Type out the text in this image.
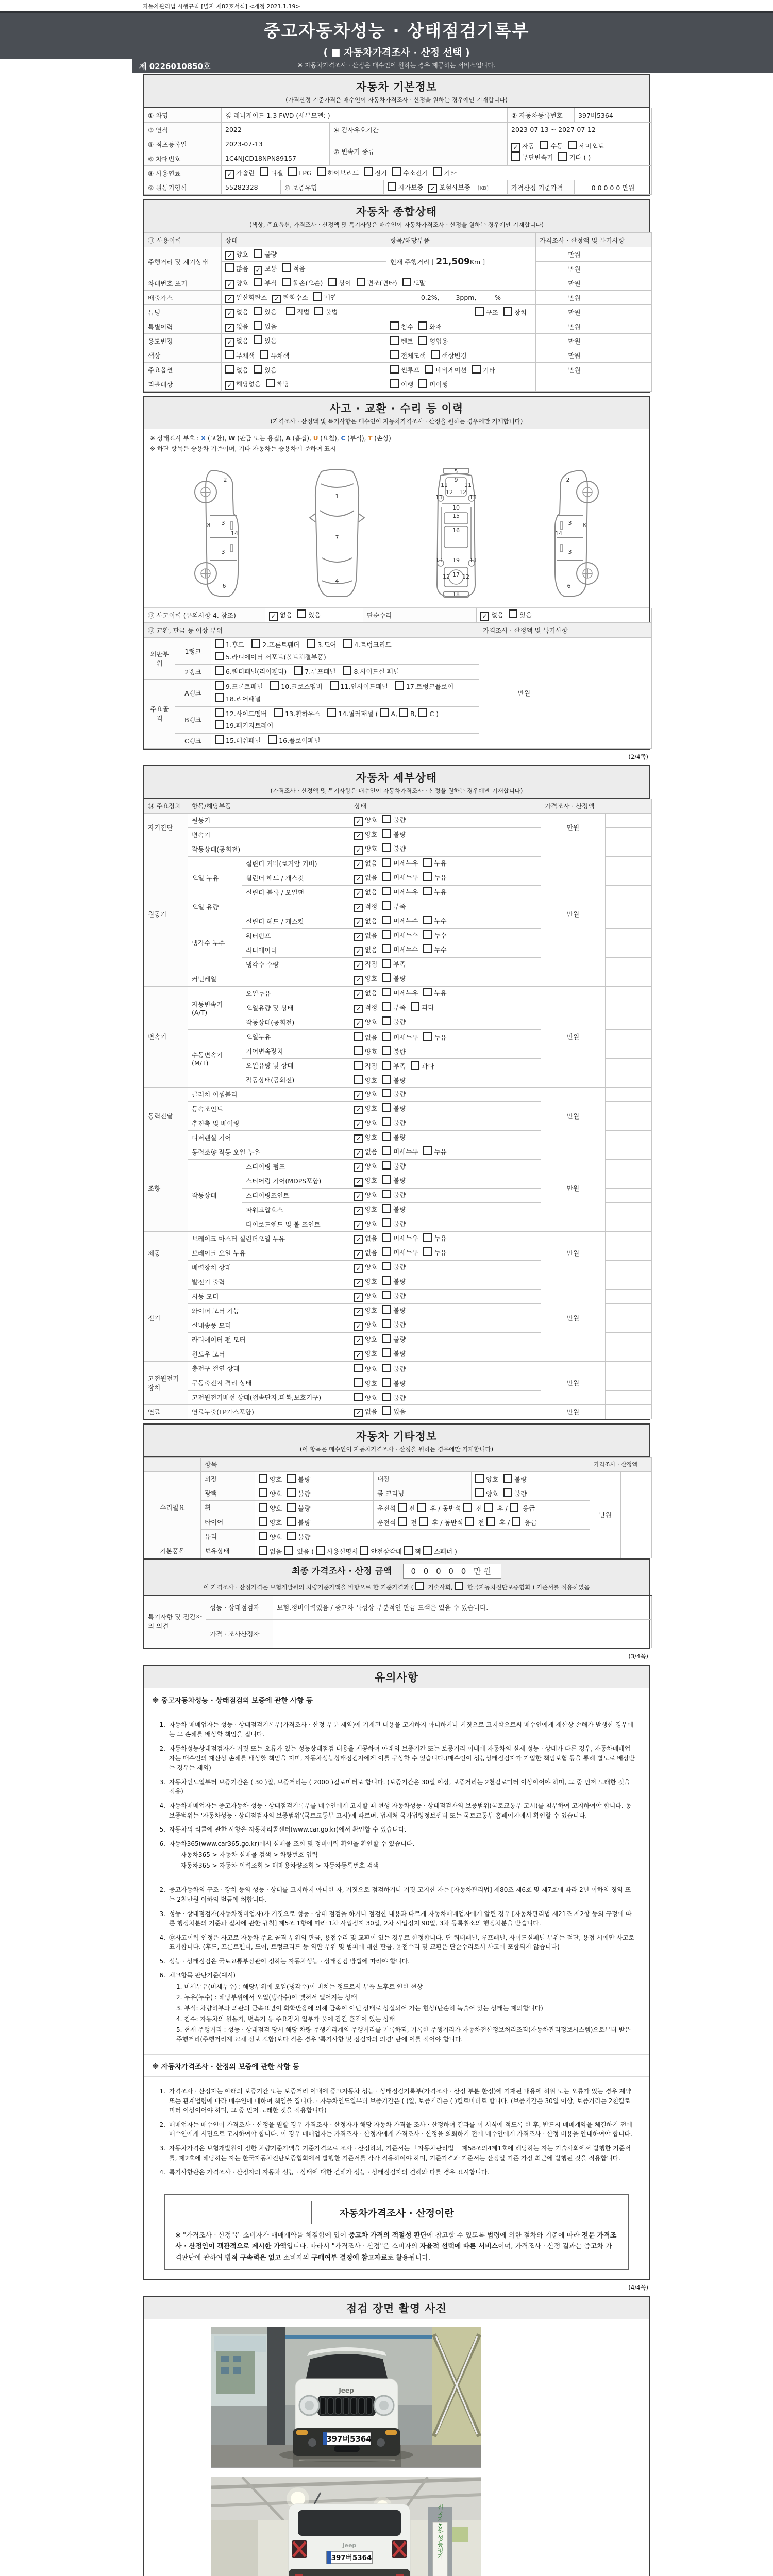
자동차관리법 시행규칙 [별지 제82호서식] <개정 2021.1.19>
중고자동차성능 · 상태점검기록부
( ■ 자동차가격조사 · 산정 선택 )
※ 자동차가격조사 · 산정은 매수인이 원하는 경우 제공하는 서비스입니다.
제 0226010850호
자동차 기본정보
(가격산정 기준가격은 매수인이 자동차가격조사 · 산정을 원하는 경우에만 기재합니다)
① 차명	짚 레니게이드 1.3 FWD (세부모델: )				② 자동차등록번호	397버5364
③ 연식	2022		④ 검사유효기간		2023-07-13 ~ 2027-07-12	
⑤ 최초등록일	2023-07-13		⑦ 변속기 종류		✓ 자동 수동 세미오토무단변속기 기타 ( )	
⑥ 차대번호	1C4NJCD18NPN89157					
⑧ 사용연료	✓ 가솔린 디젤 LPG 하이브리드 전기 수소전기 기타					
⑨ 원동기형식	55282328	⑩ 보증유형		자가보증 ✓ 보험사보증 [KB]	가격산정 기준가격	0 0 0 0 0 만원
자동차 종합상태
(색상, 주요옵션, 가격조사 · 산정액 및 특기사항은 매수인이 자동차가격조사 · 산정을 원하는 경우에만 기재합니다)
⑪ 사용이력	상태	항목/해당부품	가격조사 · 산정액 및 특기사항	
주행거리 및 계기상태	✓ 양호 불량	현재 주행거리 [ 21,509Km ]	만원	
	많음 ✓ 보통 적음		만원	
차대번호 표기	✓ 양호 부식 훼손(오손) 상이 변조(변타) 도말		만원	
배출가스	✓ 일산화탄소 ✓ 탄화수소 매연	0.2%,        3ppm,         %	만원	
튜닝	✓ 없음 있음 적법 불법 구조 장치		만원	
특별이력	✓ 없음 있음	침수 화재	만원	
용도변경	✓ 없음 있음	렌트 영업용	만원	
색상	무채색 유채색	전체도색 색상변경	만원	
주요옵션	없음 있음	썬루프 네비게이션 기타	만원	
리콜대상	✓ 해당없음 해당	이행 미이행		
사고 · 교환 · 수리 등 이력
(가격조사 · 산정액 및 특기사항은 매수인이 자동차가격조사 · 산정을 원하는 경우에만 기재합니다)
※ 상태표시 부호 : X (교환), W (판금 또는 용접), A (흠집), U (요철), C (부식), T (손상)
※ 하단 항목은 승용차 기준이며, 기타 자동차는 승용차에 준하여 표시
2
8 3
14
3
6
1
7
4
5
11
9
11
13
12 12
13
10
15
16
13 19 13
12 17 12
18
2
3 8
14
3
6
⑫ 사고이력 (유의사항 4. 참조)	✓ 없음 있음	단순수리	✓ 없음 있음
⑬ 교환, 판금 등 이상 부위			가격조사 · 산정액 및 특기사항	
외판부위	1랭크	1.후드 2.프론트휀더 3.도어 4.트렁크리드 5.라디에이터 서포트(볼트체결부품)	만원	
	2랭크	6.쿼터패널(리어휀다) 7.루프패널 8.사이드실 패널		
주요골격	A랭크	9.프론트패널 10.크로스멤버 11.인사이드패널 17.트렁크플로어 18.리어패널		
	B랭크	12.사이드멤버 13.휠하우스 14.필러패널 ( A, B, C ) 19.패키지트레이		
	C랭크	15.대쉬패널 16.플로어패널		
(2/4쪽)
자동차 세부상태
(가격조사 · 산정액 및 특기사항은 매수인이 자동차가격조사 · 산정을 원하는 경우에만 기재합니다)
⑭ 주요장치	항목/해당부품		상태	가격조사 · 산정액	
자기진단	원동기		✓ 양호 불량	만원	
	변속기		✓ 양호 불량		
원동기	작동상태(공회전)		✓ 양호 불량	만원	
	오일 누유	실린더 커버(로커암 커버)	✓ 없음 미세누유 누유		
		실린더 헤드 / 개스킷	✓ 없음 미세누유 누유		
		실린더 블록 / 오일팬	✓ 없음 미세누유 누유		
	오일 유량		✓ 적정 부족		
	냉각수 누수	실린더 헤드 / 개스킷	✓ 없음 미세누수 누수		
		워터펌프	✓ 없음 미세누수 누수		
		라디에이터	✓ 없음 미세누수 누수		
		냉각수 수량	✓ 적정 부족		
	커먼레일		✓ 양호 불량		
변속기	자동변속기 (A/T)	오일누유	✓ 없음 미세누유 누유	만원	
		오일유량 및 상태	✓ 적정 부족 과다		
		작동상태(공회전)	✓ 양호 불량		
	수동변속기 (M/T)	오일누유	없음 미세누유 누유		
		기어변속장치	양호 불량		
		오일유량 및 상태	적정 부족 과다		
		작동상태(공회전)	양호 불량		
동력전달	클러치 어셈블리		✓ 양호 불량	만원	
	등속조인트		✓ 양호 불량		
	추진축 및 베어링		✓ 양호 불량		
	디퍼렌셜 기어		✓ 양호 불량		
조향	동력조향 작동 오일 누유		✓ 없음 미세누유 누유	만원	
	작동상태	스티어링 펌프	✓ 양호 불량		
		스티어링 기어(MDPS포함)	✓ 양호 불량		
		스티어링조인트	✓ 양호 불량		
		파워고압호스	✓ 양호 불량		
		타이로드엔드 및 볼 조인트	✓ 양호 불량		
제동	브레이크 마스터 실린더오일 누유		✓ 없음 미세누유 누유	만원	
	브레이크 오일 누유		✓ 없음 미세누유 누유		
	배력장치 상태		✓ 양호 불량		
전기	발전기 출력		✓ 양호 불량	만원	
	시동 모터		✓ 양호 불량		
	와이퍼 모터 기능		✓ 양호 불량		
	실내송풍 모터		✓ 양호 불량		
	라디에이터 팬 모터		✓ 양호 불량		
	윈도우 모터		✓ 양호 불량		
고전원전기장치	충전구 절연 상태		양호 불량	만원	
	구동축전지 격리 상태		양호 불량		
	고전원전기배선 상태(접속단자,피복,보호기구)		양호 불량		
연료	연료누출(LP가스포함)		✓ 없음 있음	만원	
자동차 기타정보
(이 항목은 매수인이 자동차가격조사 · 산정을 원하는 경우에만 기재합니다)
	항목				가격조사 · 산정액	
수리필요	외장	양호 불량	내장	양호 불량	만원	
	광택	양호 불량	룸 크리닝	양호 불량		
	휠	양호 불량	운전석 전  후 / 동반석  전  후 /  응급			
	타이어	양호 불량	운전석  전  후 / 동반석  전  후 /  응급			
	유리	양호 불량				
기본품목	보유상태	없음  있음 ( 사용설명서 안전삼각대 잭 스패너 )				
최종 가격조사 · 산정 금액 0 0 0 0 0 만원
이 가격조사 · 산정가격은 보험개발원의 차량기준가액을 바탕으로 한 기준가격과 (  기술사회,  한국자동차진단보증협회 ) 기준서를 적용하였음
특기사항 및 점검자의 의견	성능 · 상태점검자	보험.정비이력있음 / 중고차 특성상 부분적인 판금 도색은 있을 수 있습니다.
	가격 · 조사산정자	
(3/4쪽)
유의사항
※ 중고자동차성능 · 상태점검의 보증에 관한 사항 등
1. 자동차 매매업자는 성능 · 상태점검기록부(가격조사 · 산정 부분 제외)에 기재된 내용을 고지하지 아니하거나 거짓으로 고지함으로써 매수인에게 재산상 손해가 발생한 경우에는 그 손해를 배상할 책임을 집니다.
2. 자동차성능상태점검자가 거짓 또는 오류가 있는 성능상태점검 내용을 제공하여 아래의 보증기간 또는 보증거리 이내에 자동차의 실제 성능 · 상태가 다른 경우, 자동차매매업자는 매수인의 재산상 손해를 배상할 책임을 지며, 자동차성능상태점검자에게 이를 구상할 수 있습니다.(매수인이 성능상태점검자가 가입한 책임보험 등을 통해 별도로 배상받는 경우는 제외)
3. 자동차인도일부터 보증기간은 ( 30 )일, 보증거리는 ( 2000 )킬로미터로 합니다. (보증기간은 30일 이상, 보증거리는 2천킬로미터 이상이어야 하며, 그 중 먼저 도래한 것을 적용)
4. 자동차매매업자는 중고자동차 성능 · 상태점검기록부를 매수인에게 고지할 때 현행 자동차성능 · 상태점검자의 보증범위(국토교통부 고시)를 첨부하여 고지하여야 합니다. 동 보증범위는 '자동차성능 · 상태점검자의 보증범위'(국토교통부 고시)에 따르며, 법제처 국가법령정보센터 또는 국토교통부 홈페이지에서 확인할 수 있습니다.
5. 자동차의 리콜에 관한 사항은 자동차리콜센터(www.car.go.kr)에서 확인할 수 있습니다.
6. 자동차365(www.car365.go.kr)에서 실매물 조회 및 정비이력 확인을 확인할 수 있습니다.
- 자동차365 > 자동차 실매물 검색 > 차량번호 입력
- 자동차365 > 자동차 이력조회 > 매매용차량조회 > 자동차등록번호 검색
2. 중고자동차의 구조 · 장치 등의 성능 · 상태를 고지하지 아니한 자, 거짓으로 점검하거나 거짓 고지한 자는 [자동차관리법] 제80조 제6호 및 제7호에 따라 2년 이하의 징역 또는 2천만원 이하의 벌금에 처합니다.
3. 성능 · 상태점검자(자동차정비업자)가 거짓으로 성능 · 상태 점검을 하거나 점검한 내용과 다르게 자동차매매업자에게 알린 경우 [자동차관리법 제21조 제2항 등의 규정에 따른 행정처분의 기준과 절차에 관한 규칙] 제5조 1항에 따라 1차 사업정지 30일, 2차 사업정지 90일, 3차 등록취소의 행정처분을 받습니다.
4. ⑫사고이력 인정은 사고로 자동차 주요 골격 부위의 판금, 용접수리 및 교환이 있는 경우로 한정합니다. 단 쿼터패널, 루프패널, 사이드실패널 부위는 절단, 용접 시에만 사고로 표기합니다. (후드, 프론트펜더, 도어, 트렁크리드 등 외판 부위 및 범퍼에 대한 판금, 용접수리 및 교환은 단순수리로서 사고에 포함되지 않습니다)
5. 성능 · 상태점검은 국토교통부장관이 정하는 자동차성능 · 상태점검 방법에 따라야 합니다.
6. 체크항목 판단기준(예시)
1. 미세누유(미세누수) : 해당부위에 오일(냉각수)이 비치는 정도로서 부품 노후로 인한 현상
2. 누유(누수) : 해당부위에서 오일(냉각수)이 맺혀서 떨어지는 상태
3. 부식: 차량하부와 외판의 금속표면이 화학반응에 의해 금속이 아닌 상태로 상실되어 가는 현상(단순히 녹슬어 있는 상태는 제외합니다)
4. 침수: 자동차의 원동기, 변속기 등 주요장치 일부가 물에 잠긴 흔적이 있는 상태
5. 현재 주행거리 : 성능 · 상태점검 당시 해당 차량 주행거리계의 주행거리를 기록하되, 기록한 주행거리가 자동차전산정보처리조직(자동차관리정보시스템)으로부터 받은 주행거리(주행거리계 교체 정보 포함)보다 적은 경우 '특기사항 및 점검자의 의견' 란에 이를 적어야 합니다.
※ 자동차가격조사 · 산정의 보증에 관한 사항 등
1. 가격조사 · 산정자는 아래의 보증기간 또는 보증거리 이내에 중고자동차 성능 · 상태점검기록부(가격조사 · 산정 부분 한정)에 기재된 내용에 허위 또는 오류가 있는 경우 계약 또는 관계법령에 따라 매수인에 대하여 책임을 집니다. · 자동차인도일부터 보증기간은 ( )일, 보증거리는 ( )킬로미터로 합니다. (보증기간은 30일 이상, 보증거리는 2천킬로미터 이상이어야 하며, 그 중 먼저 도래한 것을 적용합니다)
2. 매매업자는 매수인이 가격조사 · 산정을 원할 경우 가격조사 · 산정자가 해당 자동차 가격을 조사 · 산정하여 결과를 이 서식에 적도록 한 후, 반드시 매매계약을 체결하기 전에 매수인에게 서면으로 고지하여야 합니다. 이 경우 매매업자는 가격조사 · 산정자에게 가격조사 · 산정을 의뢰하기 전에 매수인에게 가격조사 · 산정 비용을 안내하여야 합니다.
3. 자동차가격은 보험개발원이 정한 차량기준가액을 기준가격으로 조사 · 산정하되, 기준서는 「자동차관리법」 제58조의4제1호에 해당하는 자는 기술사회에서 발행한 기준서를, 제2호에 해당하는 자는 한국자동차진단보증협회에서 발행한 기준서를 각각 적용하여야 하며, 기준가격과 기준서는 산정일 기준 가장 최근에 발행된 것을 적용합니다.
4. 특기사항란은 가격조사 · 산정자의 자동차 성능 · 상태에 대한 견해가 성능 · 상태점검자의 견해와 다를 경우 표시합니다.
자동차가격조사 · 산정이란
※ "가격조사 · 산정"은 소비자가 매매계약을 체결함에 있어 중고차 가격의 적절성 판단에 참고할 수 있도록 법령에 의한 절차와 기준에 따라 전문 가격조사 · 산정인이 객관적으로 제시한 가액입니다. 따라서 "가격조사 · 산정"은 소비자의 자율적 선택에 따른 서비스이며, 가격조사 · 산정 결과는 중고차 가격판단에 관하여 법적 구속력은 없고 소비자의 구매여부 결정에 참고자료로 활용됩니다.
(4/4쪽)
점검 장면 촬영 사진
Jeep
397버5364
전국자동차성능평가
Jeep
397버5364
